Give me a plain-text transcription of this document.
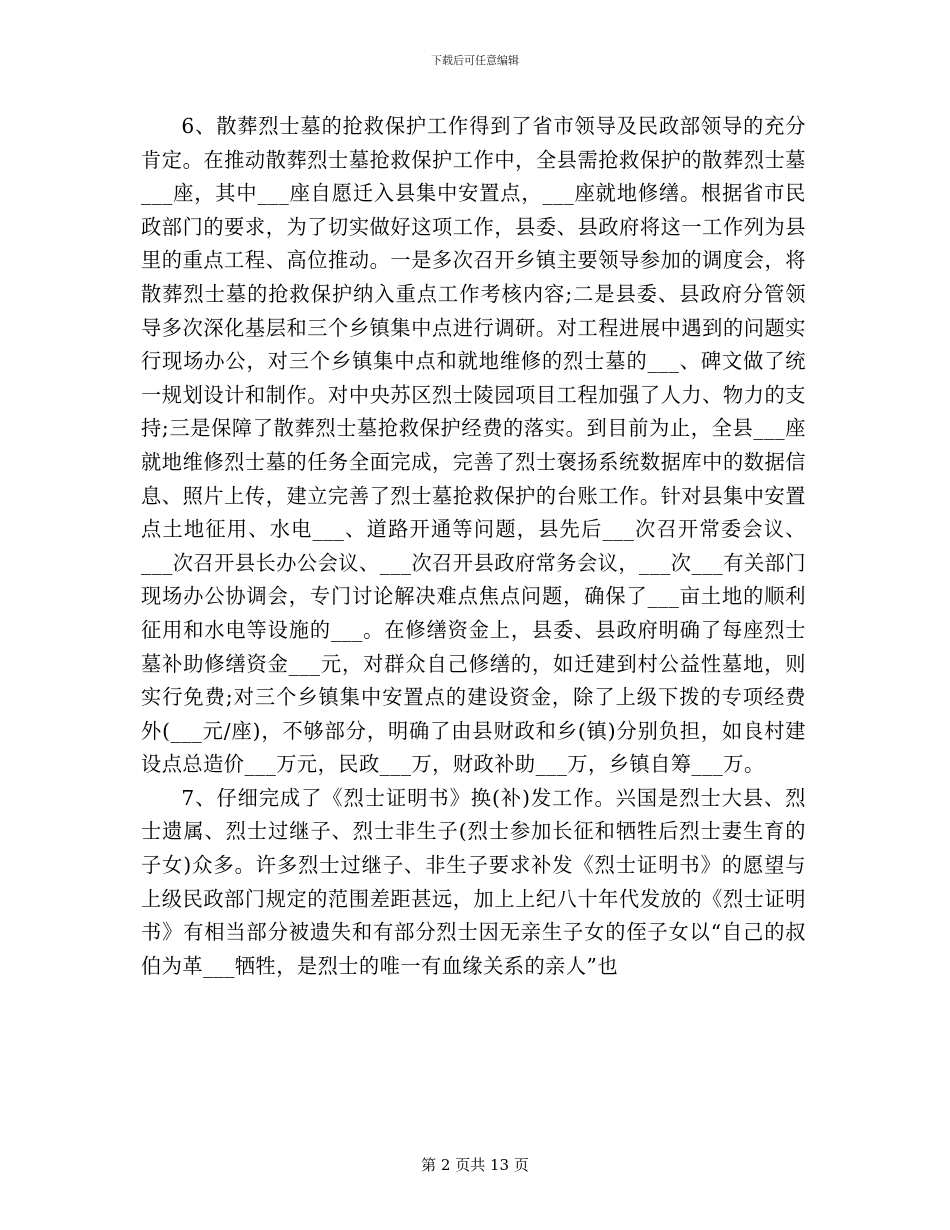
下载后可任意编辑

6、散葬烈士墓的抢救保护工作得到了省市领导及民政部领导的充分肯定。在推动散葬烈士墓抢救保护工作中，全县需抢救保护的散葬烈士墓___座，其中___座自愿迁入县集中安置点，___座就地修缮。根据省市民政部门的要求，为了切实做好这项工作，县委、县政府将这一工作列为县里的重点工程、高位推动。一是多次召开乡镇主要领导参加的调度会，将散葬烈士墓的抢救保护纳入重点工作考核内容;二是县委、县政府分管领导多次深化基层和三个乡镇集中点进行调研。对工程进展中遇到的问题实行现场办公，对三个乡镇集中点和就地维修的烈士墓的___、碑文做了统一规划设计和制作。对中央苏区烈士陵园项目工程加强了人力、物力的支持;三是保障了散葬烈士墓抢救保护经费的落实。到目前为止，全县___座就地维修烈士墓的任务全面完成，完善了烈士褒扬系统数据库中的数据信息、照片上传，建立完善了烈士墓抢救保护的台账工作。针对县集中安置点土地征用、水电___、道路开通等问题，县先后___次召开常委会议、___次召开县长办公会议、___次召开县政府常务会议，___次___有关部门现场办公协调会，专门讨论解决难点焦点问题，确保了___亩土地的顺利征用和水电等设施的___。在修缮资金上，县委、县政府明确了每座烈士墓补助修缮资金___元，对群众自己修缮的，如迁建到村公益性墓地，则实行免费;对三个乡镇集中安置点的建设资金，除了上级下拨的专项经费外(___元/座)，不够部分，明确了由县财政和乡(镇)分别负担，如良村建设点总造价___万元，民政___万，财政补助___万，乡镇自筹___万。

7、仔细完成了《烈士证明书》换(补)发工作。兴国是烈士大县、烈士遗属、烈士过继子、烈士非生子(烈士参加长征和牺牲后烈士妻生育的子女)众多。许多烈士过继子、非生子要求补发《烈士证明书》的愿望与上级民政部门规定的范围差距甚远，加上上纪八十年代发放的《烈士证明书》有相当部分被遗失和有部分烈士因无亲生子女的侄子女以“自己的叔伯为革___牺牲，是烈士的唯一有血缘关系的亲人”也

第 2 页共 13 页
